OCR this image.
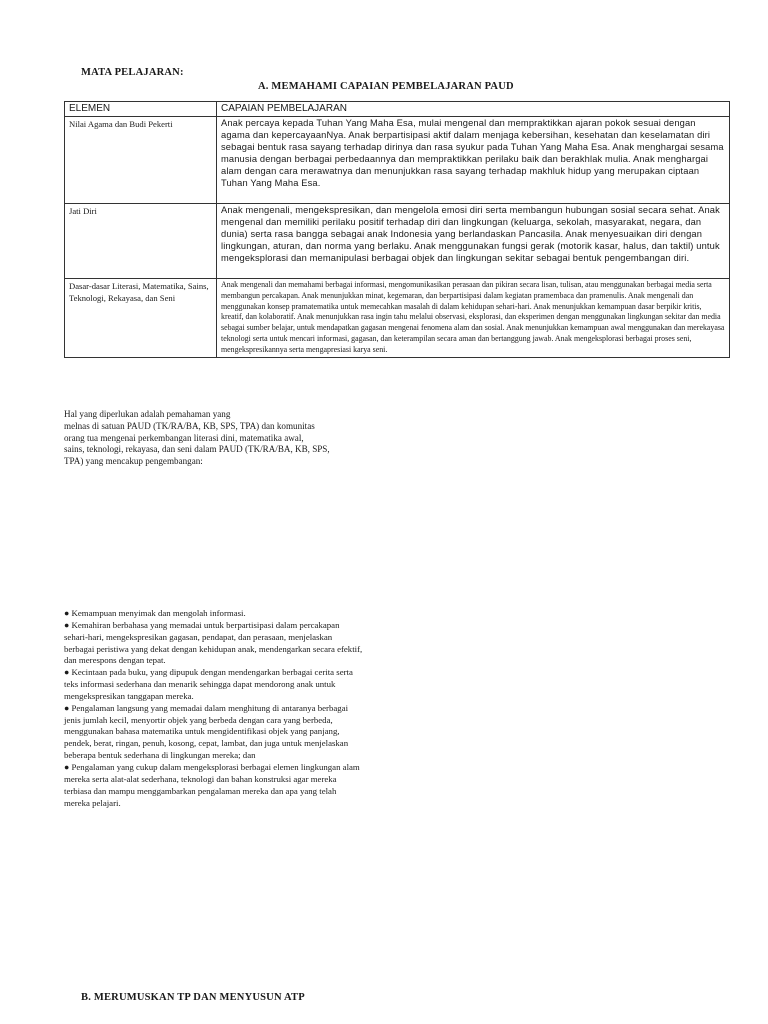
MATA PELAJARAN:
A. MEMAHAMI CAPAIAN PEMBELAJARAN PAUD
ELEMEN	CAPAIAN PEMBELAJARAN
Nilai Agama dan Budi Pekerti	Anak percaya kepada Tuhan Yang Maha Esa, mulai mengenal dan mempraktikkan ajaran pokok sesuai dengan agama dan kepercayaanNya. Anak berpartisipasi aktif dalam menjaga kebersihan, kesehatan dan keselamatan diri sebagai bentuk rasa sayang terhadap dirinya dan rasa syukur pada Tuhan Yang Maha Esa. Anak menghargai sesama manusia dengan berbagai perbedaannya dan mempraktikkan perilaku baik dan berakhlak mulia. Anak menghargai alam dengan cara merawatnya dan menunjukkan rasa sayang terhadap makhluk hidup yang merupakan ciptaan Tuhan Yang Maha Esa.
Jati Diri	Anak mengenali, mengekspresikan, dan mengelola emosi diri serta membangun hubungan sosial secara sehat. Anak mengenal dan memiliki perilaku positif terhadap diri dan lingkungan (keluarga, sekolah, masyarakat, negara, dan dunia) serta rasa bangga sebagai anak Indonesia yang berlandaskan Pancasila. Anak menyesuaikan diri dengan lingkungan, aturan, dan norma yang berlaku. Anak menggunakan fungsi gerak (motorik kasar, halus, dan taktil) untuk mengeksplorasi dan memanipulasi berbagai objek dan lingkungan sekitar sebagai bentuk pengembangan diri.
Dasar-dasar Literasi, Matematika, Sains, Teknologi, Rekayasa, dan Seni	Anak mengenali dan memahami berbagai informasi, mengomunikasikan perasaan dan pikiran secara lisan, tulisan, atau menggunakan berbagai media serta membangun percakapan. Anak menunjukkan minat, kegemaran, dan berpartisipasi dalam kegiatan pramembaca dan pramenulis. Anak mengenali dan menggunakan konsep pramatematika untuk memecahkan masalah di dalam kehidupan sehari-hari. Anak menunjukkan kemampuan dasar berpikir kritis, kreatif, dan kolaboratif. Anak menunjukkan rasa ingin tahu melalui observasi, eksplorasi, dan eksperimen dengan menggunakan lingkungan sekitar dan media sebagai sumber belajar, untuk mendapatkan gagasan mengenai fenomena alam dan sosial. Anak menunjukkan kemampuan awal menggunakan dan merekayasa teknologi serta untuk mencari informasi, gagasan, dan keterampilan secara aman dan bertanggung jawab. Anak mengeksplorasi berbagai proses seni, mengekspresikannya serta mengapresiasi karya seni.
Hal yang diperlukan adalah pemahaman yang
melnas di satuan PAUD (TK/RA/BA, KB, SPS, TPA) dan komunitas
orang tua mengenai perkembangan literasi dini, matematika awal,
sains, teknologi, rekayasa, dan seni dalam PAUD (TK/RA/BA, KB, SPS,
TPA) yang mencakup pengembangan:

● Kemampuan menyimak dan mengolah informasi.

● Kemahiran berbahasa yang memadai untuk berpartisipasi dalam percakapan sehari-hari, mengekspresikan gagasan, pendapat, dan perasaan, menjelaskan berbagai peristiwa yang dekat dengan kehidupan anak, mendengarkan secara efektif, dan merespons dengan tepat.

● Kecintaan pada buku, yang dipupuk dengan mendengarkan berbagai cerita serta teks informasi sederhana dan menarik sehingga dapat mendorong anak untuk mengekspresikan tanggapan mereka.

● Pengalaman langsung yang memadai dalam menghitung di antaranya berbagai jenis jumlah kecil, menyortir objek yang berbeda dengan cara yang berbeda, menggunakan bahasa matematika untuk mengidentifikasi objek yang panjang, pendek, berat, ringan, penuh, kosong, cepat, lambat, dan juga untuk menjelaskan beberapa bentuk sederhana di lingkungan mereka; dan

● Pengalaman yang cukup dalam mengeksplorasi berbagai elemen lingkungan alam mereka serta alat-alat sederhana, teknologi dan bahan konstruksi agar mereka terbiasa dan mampu menggambarkan pengalaman mereka dan apa yang telah mereka pelajari.

B. MERUMUSKAN TP DAN MENYUSUN ATP
